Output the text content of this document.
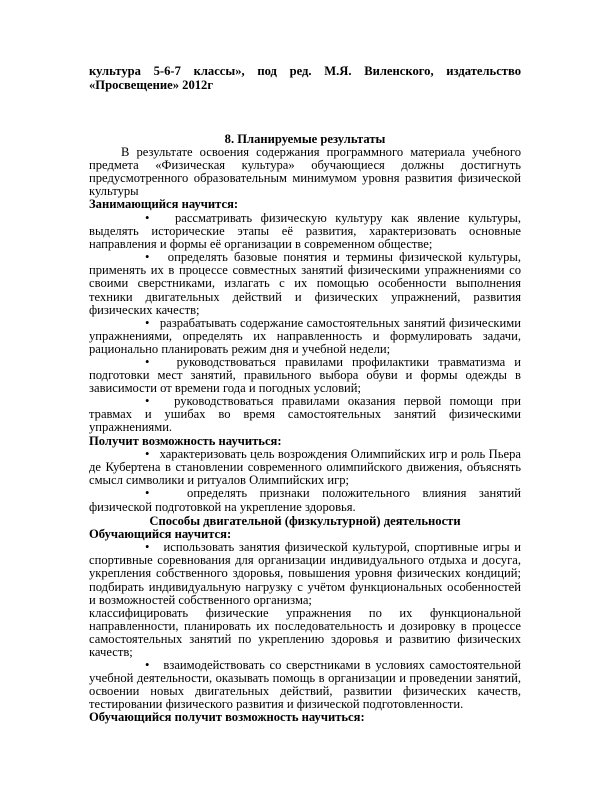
культура 5-6-7 классы», под ред. М.Я. Виленского, издательство «Просвещение» 2012г

8. Планируемые результаты

В результате освоения содержания программного материала учебного предмета «Физическая культура» обучающиеся должны достигнуть предусмотренного образовательным минимумом уровня развития физической культуры

Занимающийся научится:

•   рассматривать физическую культуру как явление культуры, выделять исторические этапы её развития, характеризовать основные направления и формы её организации в современном обществе;

•   определять базовые понятия и термины физической культуры, применять их в процессе совместных занятий физическими упражнениями со своими сверстниками, излагать с их помощью особенности выполнения техники двигательных действий и физических упражнений, развития физических качеств;

•   разрабатывать содержание самостоятельных занятий физическими упражнениями, определять их направленность и формулировать задачи, рационально планировать режим дня и учебной недели;

•   руководствоваться правилами профилактики травматизма и подготовки мест занятий, правильного выбора обуви и формы одежды в зависимости от времени года и погодных условий;

•   руководствоваться правилами оказания первой помощи при травмах и ушибах во время самостоятельных занятий физическими упражнениями.

Получит возможность научиться:

•   характеризовать цель возрождения Олимпийских игр и роль Пьера де Кубертена в становлении современного олимпийского движения, объяснять смысл символики и ритуалов Олимпийских игр;

•   определять признаки положительного влияния занятий физической подготовкой на укрепление здоровья.

Способы двигательной (физкультурной) деятельности

Обучающийся научится:

•   использовать занятия физической культурой, спортивные игры и спортивные соревнования для организации индивидуального отдыха и досуга, укрепления собственного здоровья, повышения уровня физических кондиций; подбирать индивидуальную нагрузку с учётом функциональных особенностей и возможностей собственного организма;

классифицировать физические упражнения по их функциональной направленности, планировать их последовательность и дозировку в процессе самостоятельных занятий по укреплению здоровья и развитию физических качеств;

•   взаимодействовать со сверстниками в условиях самостоятельной учебной деятельности, оказывать помощь в организации и проведении занятий, освоении новых двигательных действий, развитии физических качеств, тестировании физического развития и физической подготовленности.

Обучающийся получит возможность научиться:
